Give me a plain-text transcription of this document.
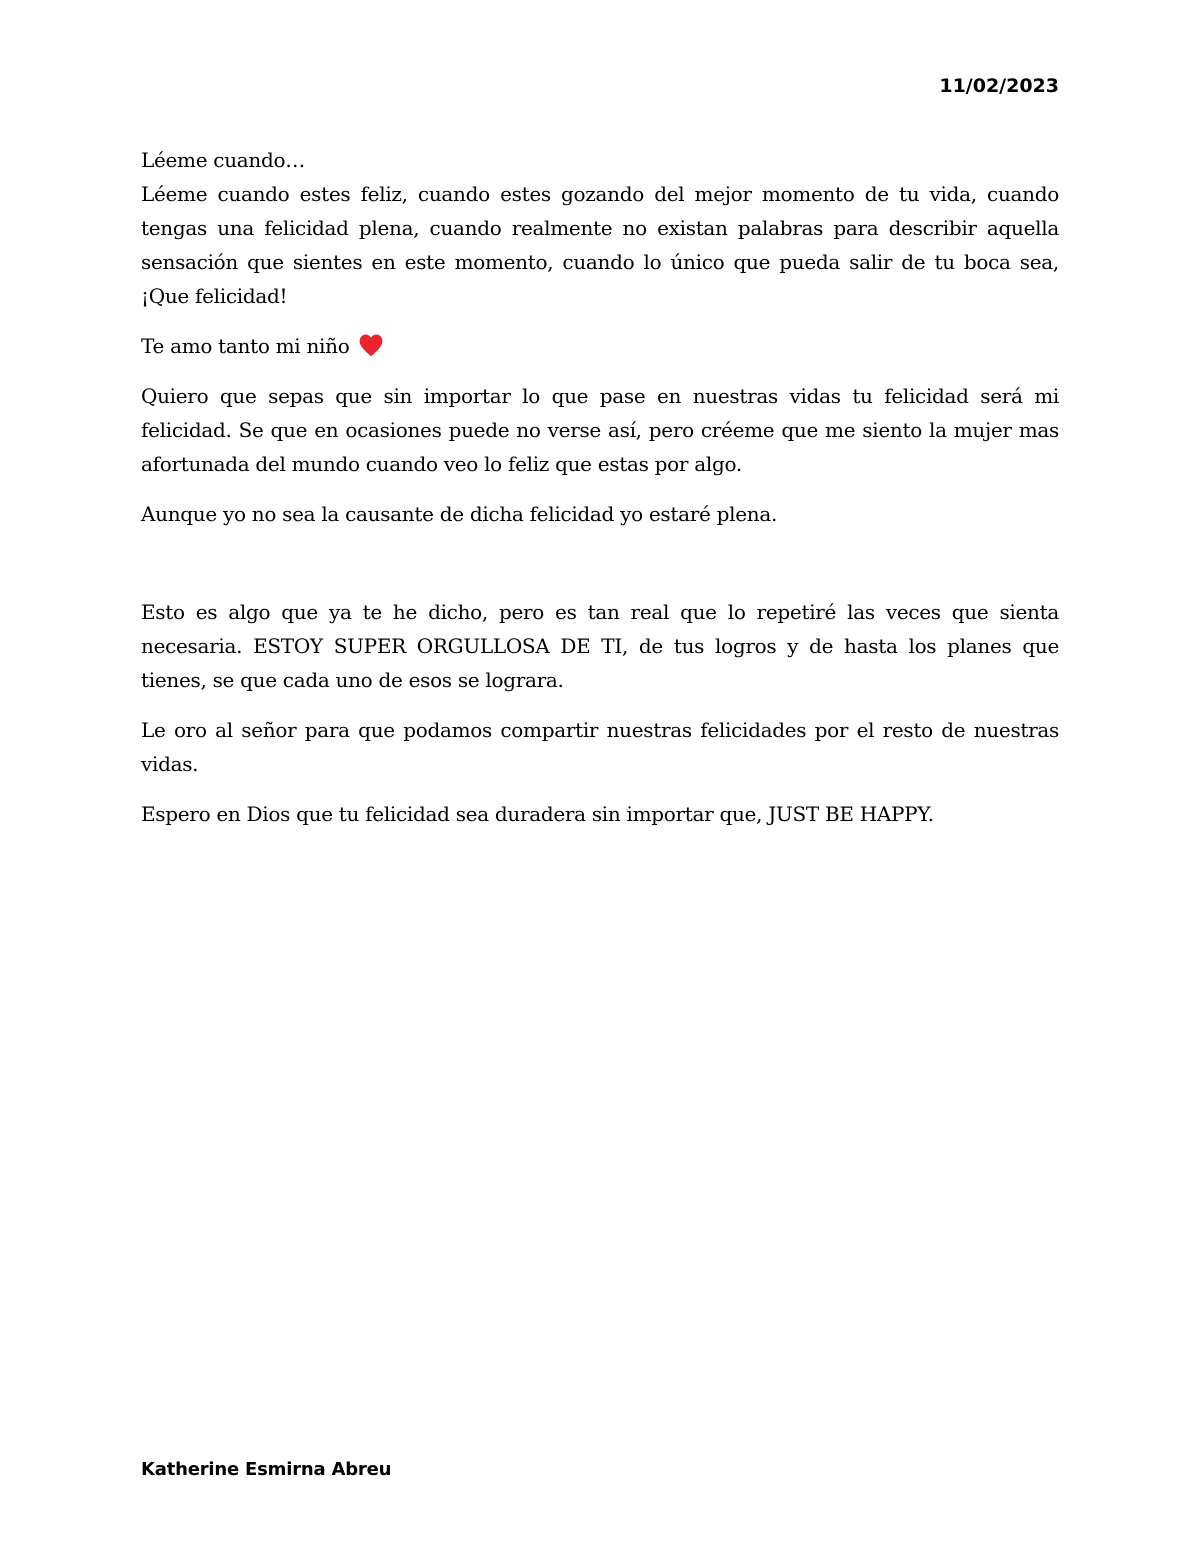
11/02/2023

Léeme cuando…

Léeme cuando estes feliz, cuando estes gozando del mejor momento de tu vida, cuando tengas una felicidad plena, cuando realmente no existan palabras para describir aquella sensación que sientes en este momento, cuando lo único que pueda salir de tu boca sea, ¡Que felicidad!

Te amo tanto mi niño

Quiero que sepas que sin importar lo que pase en nuestras vidas tu felicidad será mi felicidad. Se que en ocasiones puede no verse así, pero créeme que me siento la mujer mas afortunada del mundo cuando veo lo feliz que estas por algo.

Aunque yo no sea la causante de dicha felicidad yo estaré plena.

Esto es algo que ya te he dicho, pero es tan real que lo repetiré las veces que sienta necesaria. ESTOY SUPER ORGULLOSA DE TI, de tus logros y de hasta los planes que tienes, se que cada uno de esos se lograra.

Le oro al señor para que podamos compartir nuestras felicidades por el resto de nuestras vidas.

Espero en Dios que tu felicidad sea duradera sin importar que, JUST BE HAPPY.

Katherine Esmirna Abreu
